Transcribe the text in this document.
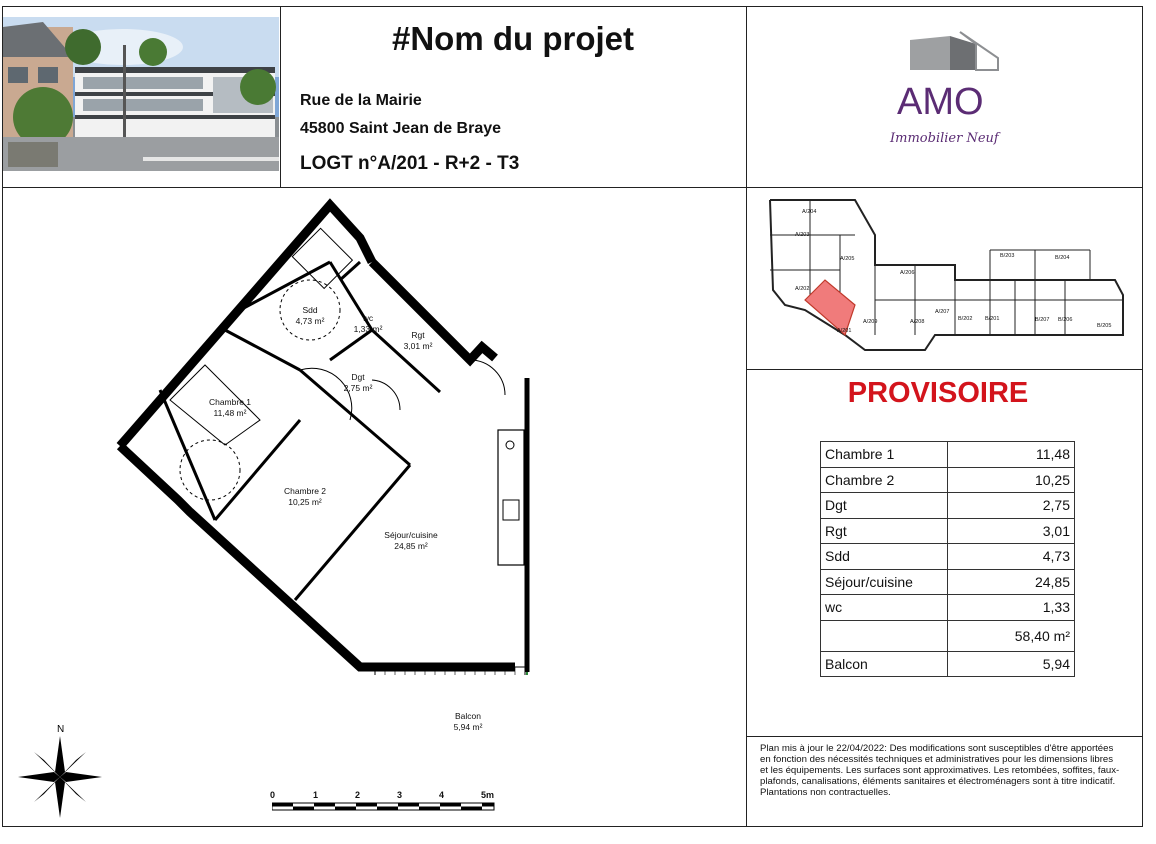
#Nom du projet
Rue de la Mairie
45800 Saint Jean de Braye
LOGT n°A/201 - R+2 - T3
AMO
Immobilier Neuf
Sdd
4,73 m²	wc
1,33 m²
Rgt
3,01 m²
Dgt
2,75 m²
Chambre 1
11,48 m²
Chambre 2
10,25 m²
Séjour/cuisine
24,85 m²
Balcon
5,94 m²
N
0	1	2	3	4	5m
A/204
A/203
A/205
A/206
A/202
A/207
A/201
A/209	A/208
B/203	B/204
B/202 B/201	B/207 B/206
B/205
PROVISOIRE
Chambre 1	11,48
Chambre 2	10,25
Dgt	2,75
Rgt	3,01
Sdd	4,73
Séjour/cuisine	24,85
wc	1,33
	58,40 m²
Balcon	5,94
Plan mis à jour le 22/04/2022: Des modifications sont susceptibles d'être apportées en fonction des nécessités techniques et administratives pour les dimensions libres et les équipements. Les surfaces sont approximatives. Les retombées, soffites, faux-plafonds, canalisations, éléments sanitaires et électroménagers sont à titre indicatif. Plantations non contractuelles.
